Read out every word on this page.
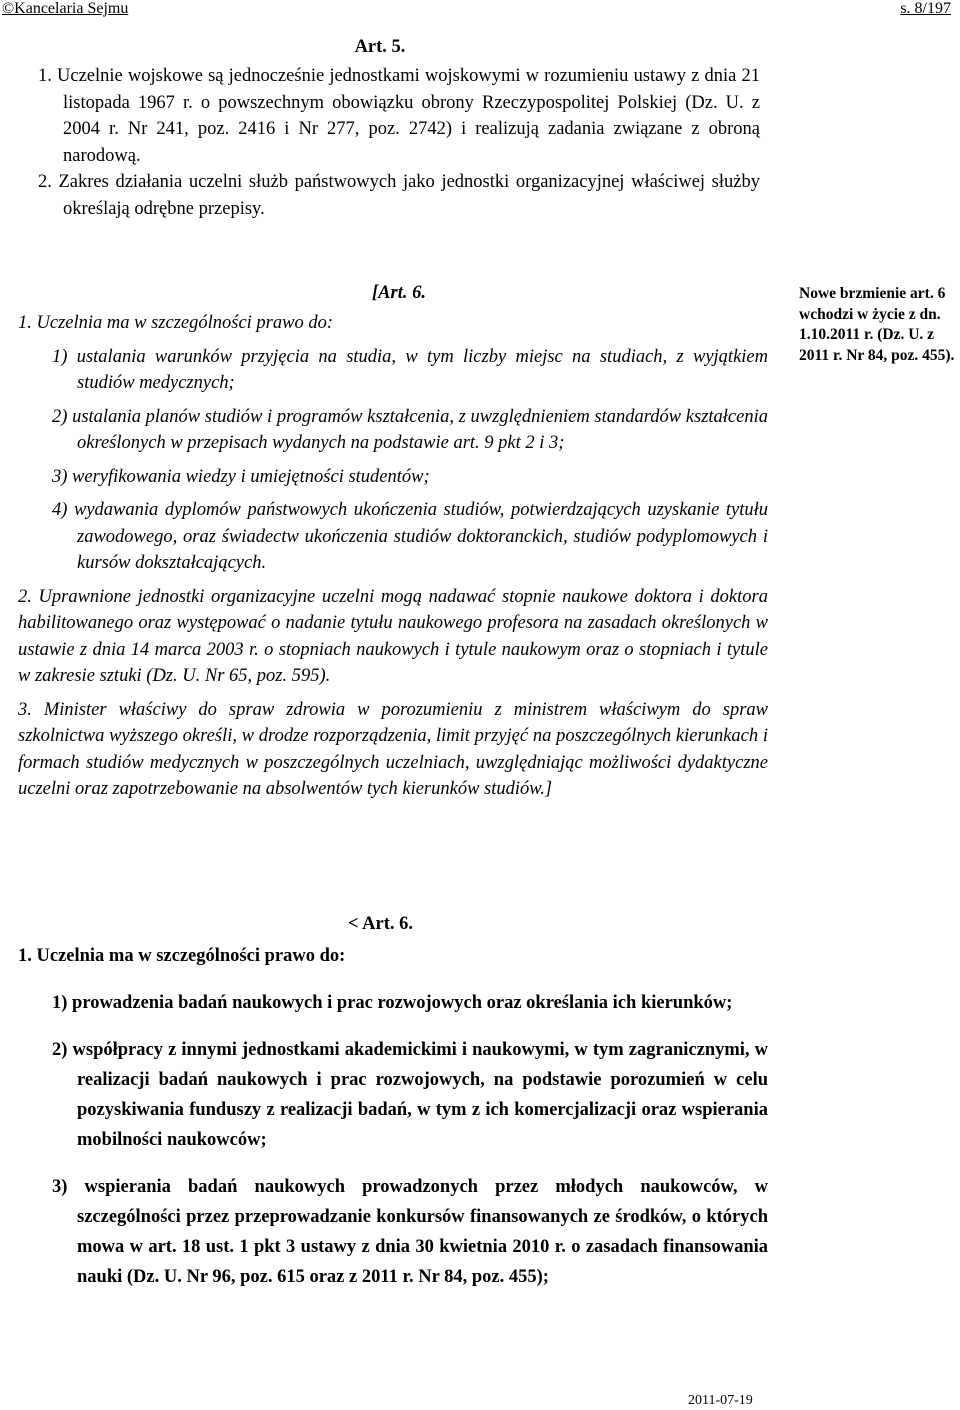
©Kancelaria Sejmu	s. 8/197
Art. 5.

1. Uczelnie wojskowe są jednocześnie jednostkami wojskowymi w rozumieniu ustawy z dnia 21 listopada 1967 r. o powszechnym obowiązku obrony Rzeczypospolitej Polskiej (Dz. U. z 2004 r. Nr 241, poz. 2416 i Nr 277, poz. 2742) i realizują zadania związane z obroną narodową.

2. Zakres działania uczelni służb państwowych jako jednostki organizacyjnej właściwej służby określają odrębne przepisy.

[Art. 6.

1. Uczelnia ma w szczególności prawo do:

1) ustalania warunków przyjęcia na studia, w tym liczby miejsc na studiach, z wyjątkiem studiów medycznych;

2) ustalania planów studiów i programów kształcenia, z uwzględnieniem standardów kształcenia określonych w przepisach wydanych na podstawie art. 9 pkt 2 i 3;

3) weryfikowania wiedzy i umiejętności studentów;

4) wydawania dyplomów państwowych ukończenia studiów, potwierdzających uzyskanie tytułu zawodowego, oraz świadectw ukończenia studiów doktoranckich, studiów podyplomowych i kursów dokształcających.

2. Uprawnione jednostki organizacyjne uczelni mogą nadawać stopnie naukowe doktora i doktora habilitowanego oraz występować o nadanie tytułu naukowego profesora na zasadach określonych w ustawie z dnia 14 marca 2003 r. o stopniach naukowych i tytule naukowym oraz o stopniach i tytule w zakresie sztuki (Dz. U. Nr 65, poz. 595).

3. Minister właściwy do spraw zdrowia w porozumieniu z ministrem właściwym do spraw szkolnictwa wyższego określi, w drodze rozporządzenia, limit przyjęć na poszczególnych kierunkach i formach studiów medycznych w poszczególnych uczelniach, uwzględniając możliwości dydaktyczne uczelni oraz zapotrzebowanie na absolwentów tych kierunków studiów.]

Nowe brzmienie art. 6 wchodzi w życie z dn. 1.10.2011 r. (Dz. U. z 2011 r. Nr 84, poz. 455).
< Art. 6.

1. Uczelnia ma w szczególności prawo do:

1) prowadzenia badań naukowych i prac rozwojowych oraz określania ich kierunków;

2) współpracy z innymi jednostkami akademickimi i naukowymi, w tym zagranicznymi, w realizacji badań naukowych i prac rozwojowych, na podstawie porozumień w celu pozyskiwania funduszy z realizacji badań, w tym z ich komercjalizacji oraz wspierania mobilności naukowców;

3) wspierania badań naukowych prowadzonych przez młodych naukowców, w szczególności przez przeprowadzanie konkursów finansowanych ze środków, o których mowa w art. 18 ust. 1 pkt 3 ustawy z dnia 30 kwietnia 2010 r. o zasadach finansowania nauki (Dz. U. Nr 96, poz. 615 oraz z 2011 r. Nr 84, poz. 455);

2011-07-19
